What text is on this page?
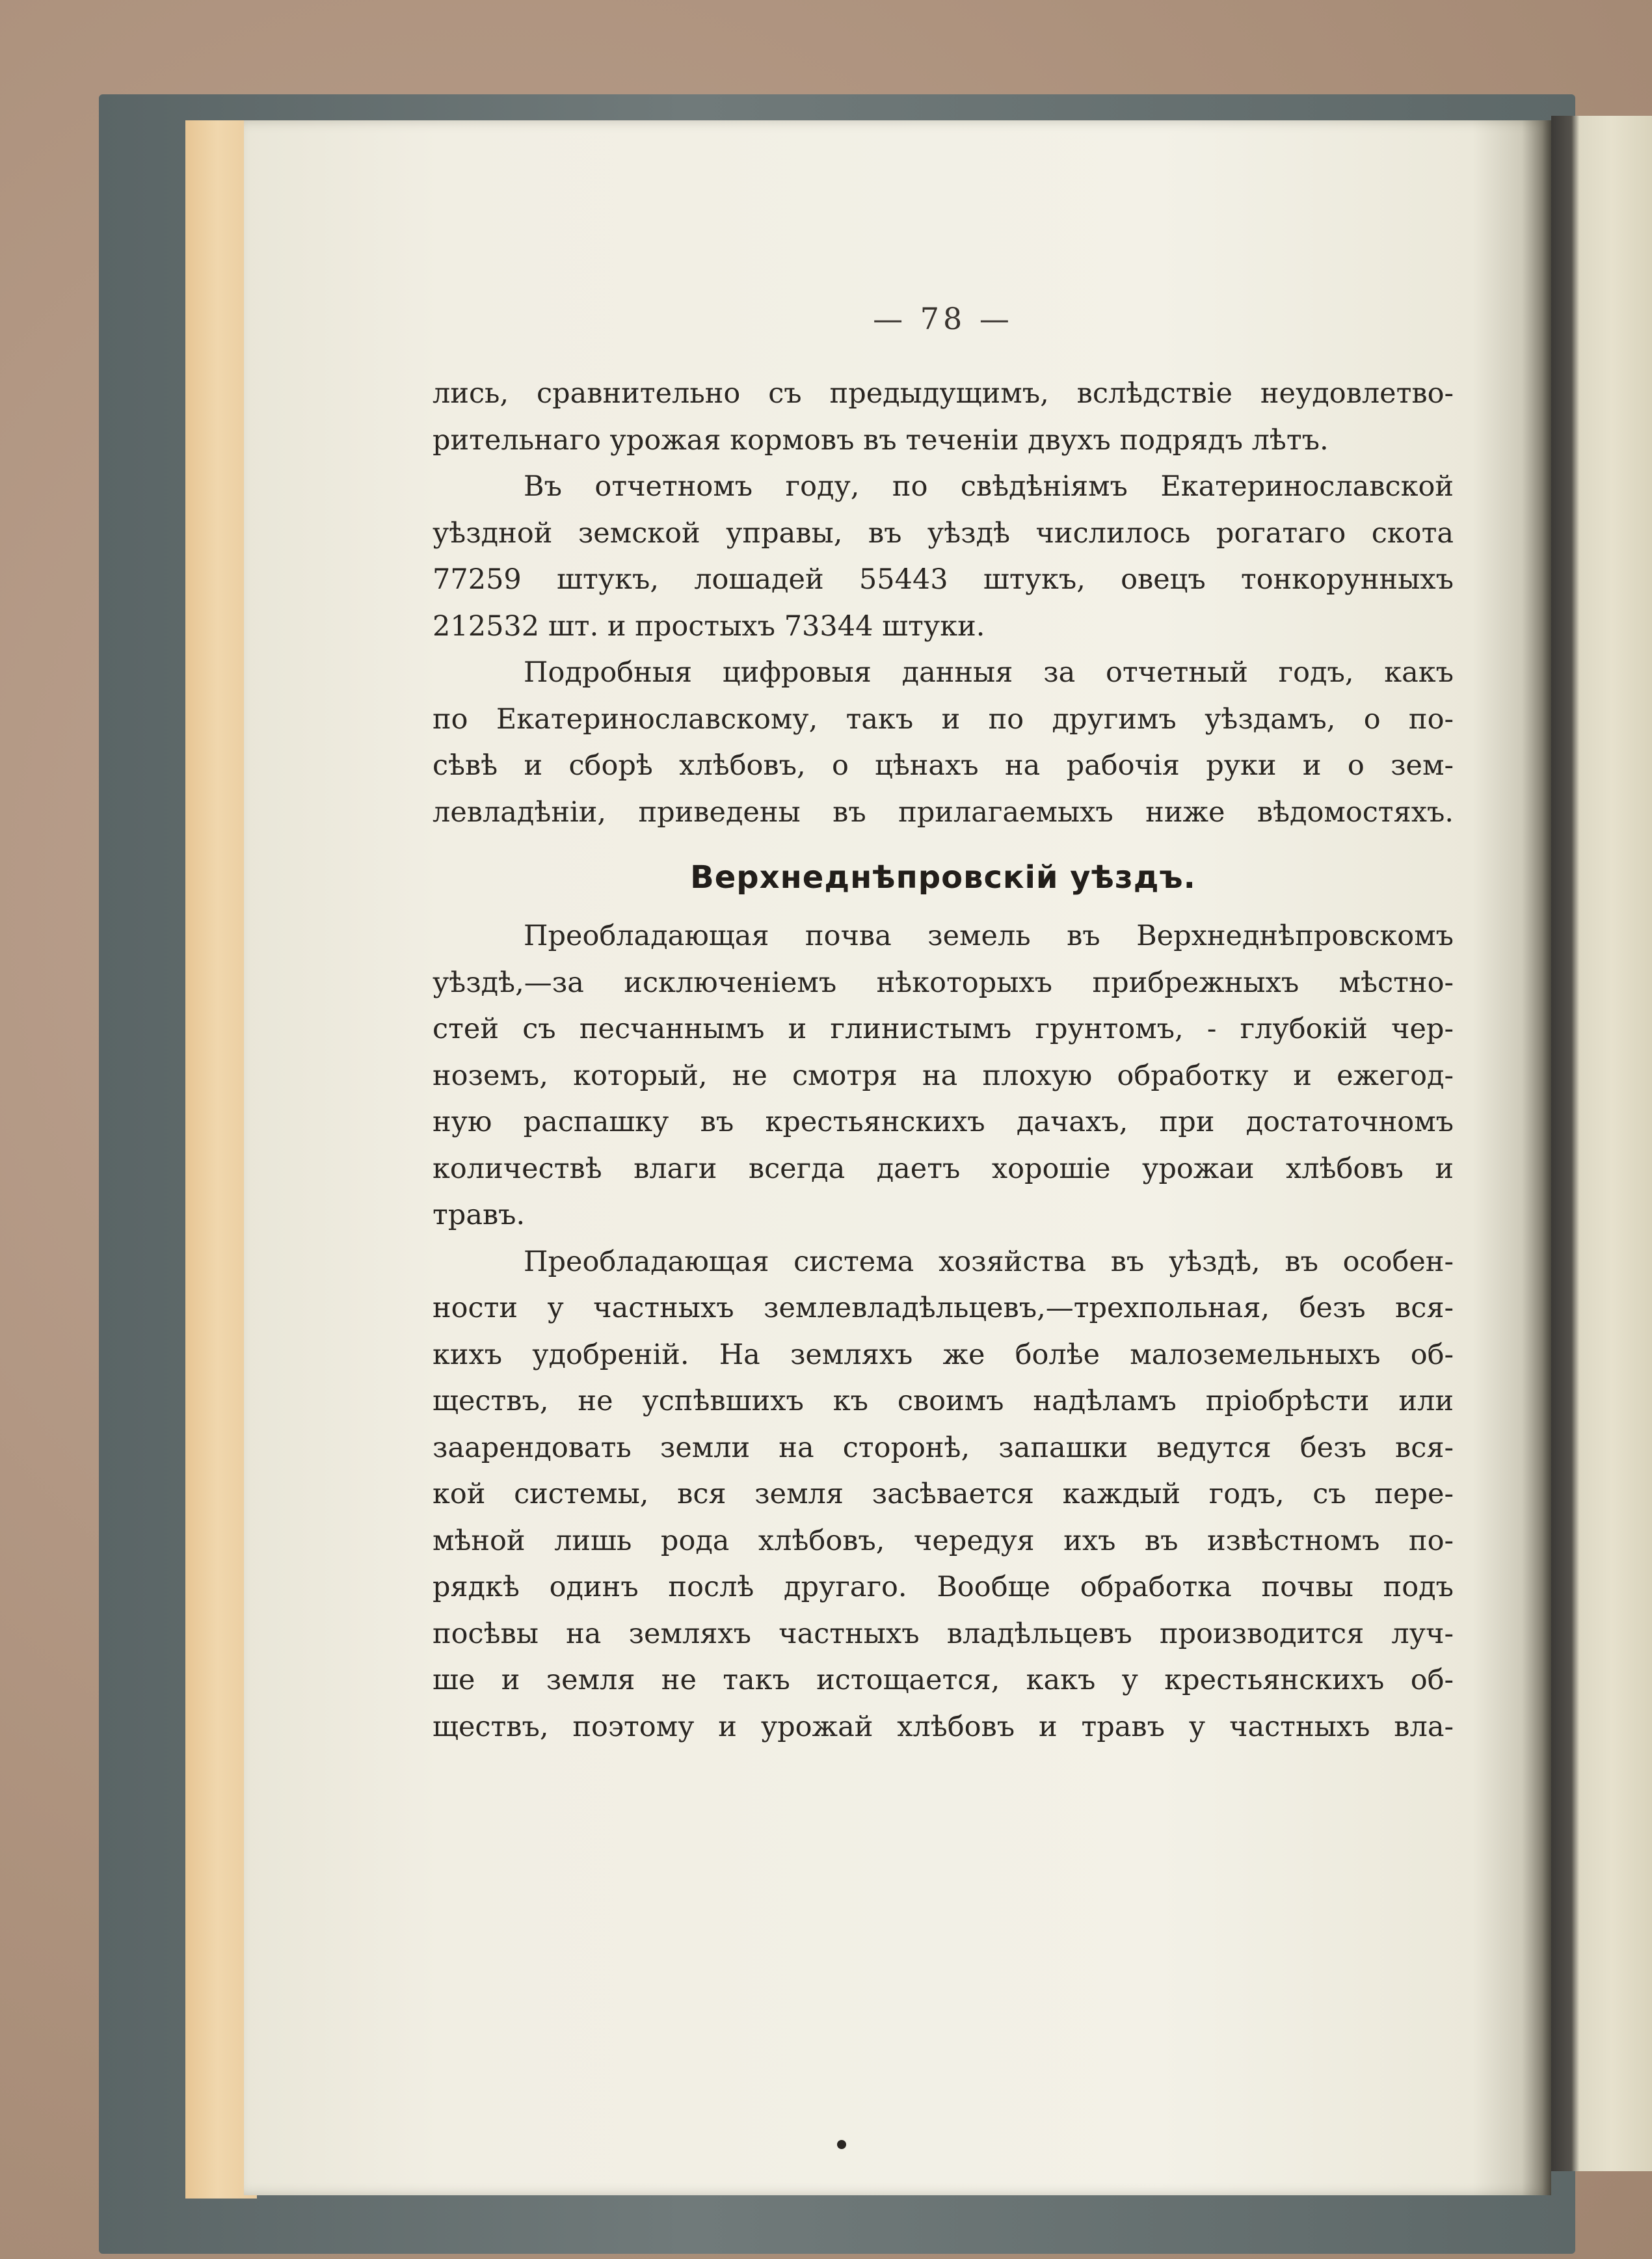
— 78 —
лись, сравнительно съ предыдущимъ, вслѣдствіе неудовлетво-
рительнаго урожая кормовъ въ теченіи двухъ подрядъ лѣтъ.
Въ отчетномъ году, по свѣдѣніямъ Екатеринославской
уѣздной земской управы, въ уѣздѣ числилось рогатаго скота
77259 штукъ, лошадей 55443 штукъ, овецъ тонкорунныхъ
212532 шт. и простыхъ 73344 штуки.
Подробныя цифровыя данныя за отчетный годъ, какъ
по Екатеринославскому, такъ и по другимъ уѣздамъ, о по-
сѣвѣ и сборѣ хлѣбовъ, о цѣнахъ на рабочія руки и о зем-
левладѣніи, приведены въ прилагаемыхъ ниже вѣдомостяхъ.
Верхнеднѣпровскій уѣздъ.
Преобладающая почва земель въ Верхнеднѣпровскомъ
уѣздѣ,—за исключеніемъ нѣкоторыхъ прибрежныхъ мѣстно-
стей съ песчаннымъ и глинистымъ грунтомъ, - глубокій чер-
ноземъ, который, не смотря на плохую обработку и ежегод-
ную распашку въ крестьянскихъ дачахъ, при достаточномъ
количествѣ влаги всегда даетъ хорошіе урожаи хлѣбовъ и
травъ.
Преобладающая система хозяйства въ уѣздѣ, въ особен-
ности у частныхъ землевладѣльцевъ,—трехпольная, безъ вся-
кихъ удобреній. На земляхъ же болѣе малоземельныхъ об-
ществъ, не успѣвшихъ къ своимъ надѣламъ пріобрѣсти или
заарендовать земли на сторонѣ, запашки ведутся безъ вся-
кой системы, вся земля засѣвается каждый годъ, съ пере-
мѣной лишь рода хлѣбовъ, чередуя ихъ въ извѣстномъ по-
рядкѣ одинъ послѣ другаго. Вообще обработка почвы подъ
посѣвы на земляхъ частныхъ владѣльцевъ производится луч-
ше и земля не такъ истощается, какъ у крестьянскихъ об-
ществъ, поэтому и урожай хлѣбовъ и травъ у частныхъ вла-
